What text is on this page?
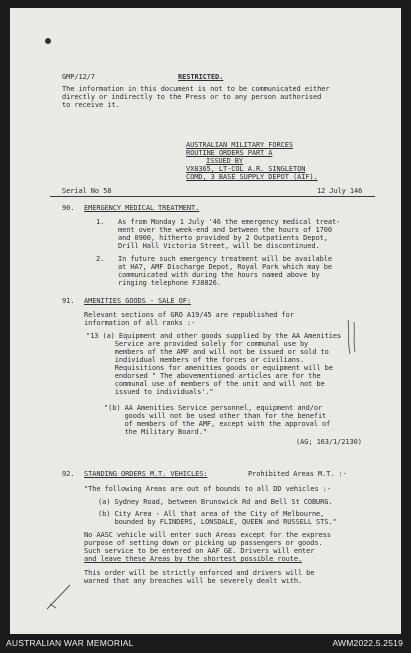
GMP/12/7	RESTRICTED.
The information in this document is not to be communicated either
directly or indirectly to the Press or to any person authorised
to receive it.
AUSTRALIAN MILITARY FORCES
ROUTINE ORDERS PART A
ISSUED BY
VX8365, LT-COL A.R. SINGLETON
COMD, 3 BASE SUPPLY DEPOT (AIF).
Serial No 58	12 July 146
90. EMERGENCY MEDICAL TREATMENT.
1. As from Monday 1 July '46 the emergency medical treat-
ment over the week-end and between the hours of 1700
and 0900, hitherto provided by 2 Outpatients Depot,
Drill Hall Victoria Street, will be discontinued.
2. In future such emergency treatment will be available
at HA7, AMF Discharge Depot, Royal Park which may be
communicated with during the hours named above by
ringing telephone FJ8826.
91. AMENITIES GOODS - SALE OF:
Relevant sections of GRO A19/45 are republished for
information of all ranks :-
"13 (a) Equipment and other goods supplied by the AA Amenities
Service are provided solely for communal use by
members of the AMF and will not be issued or sold to
individual members of the forces or civilians.
Requisitions for amenities goods or equipment will be
endorsed " The abovementioned articles are for the
communal use of members of the unit and will not be
issued to individuals'."
"(b) AA Amenities Service personnel, equipment and/or
goods will not be used other than for the benefit
of members of the AMF, except with the approval of
the Military Board."
(AG; 163/1/2130)
92. STANDING ORDERS M.T. VEHICLES:	Prohibited Areas M.T. :-
"The following Areas are out of bounds to all DD vehicles :-
(a) Sydney Road, between Brunswick Rd and Bell St COBURG.
(b) City Area - All that area of the City of Melbourne,
bounded by FLINDERS, LONSDALE, QUEEN and RUSSELL STS."
No AASC vehicle will enter such Areas except for the express
purpose of setting down or picking up passengers or goods.
Such service to be entered on AAF GE. Drivers will enter
and leave these Areas by the shortest possible route.
This order will be strictly enforced and drivers will be
warned that any breaches will be severely dealt with.
AUSTRALIAN WAR MEMORIAL	AWM2022.5.2519
